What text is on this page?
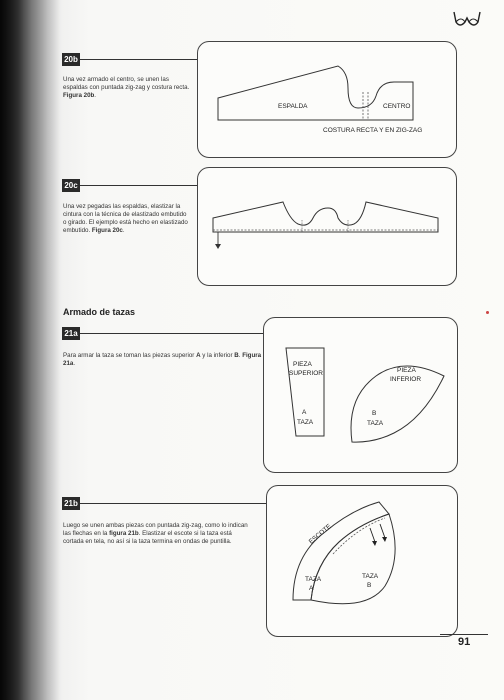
20b
Una vez armado el centro, se unen las espaldas con puntada zig-zag y costura recta. Figura 20b.
ESPALDA	CENTRO
COSTURA RECTA Y EN ZIG-ZAG
20c
Una vez pegadas las espaldas, elastizar la cintura con la técnica de elastizado embutido o girado. El ejemplo está hecho en elastizado embutido. Figura 20c.
Armado de tazas
21a
Para armar la taza se toman las piezas superior A y la inferior B. Figura 21a.	PIEZA
SUPERIOR
A
TAZA
PIEZA
INFERIOR
B
TAZA
21b
Luego se unen ambas piezas con puntada zig-zag, como lo indican las flechas en la figura 21b. Elastizar el escote si la taza está cortada en tela, no así si la taza termina en ondas de puntilla.	ESCOTE
TAZA
A
TAZA
B
91
